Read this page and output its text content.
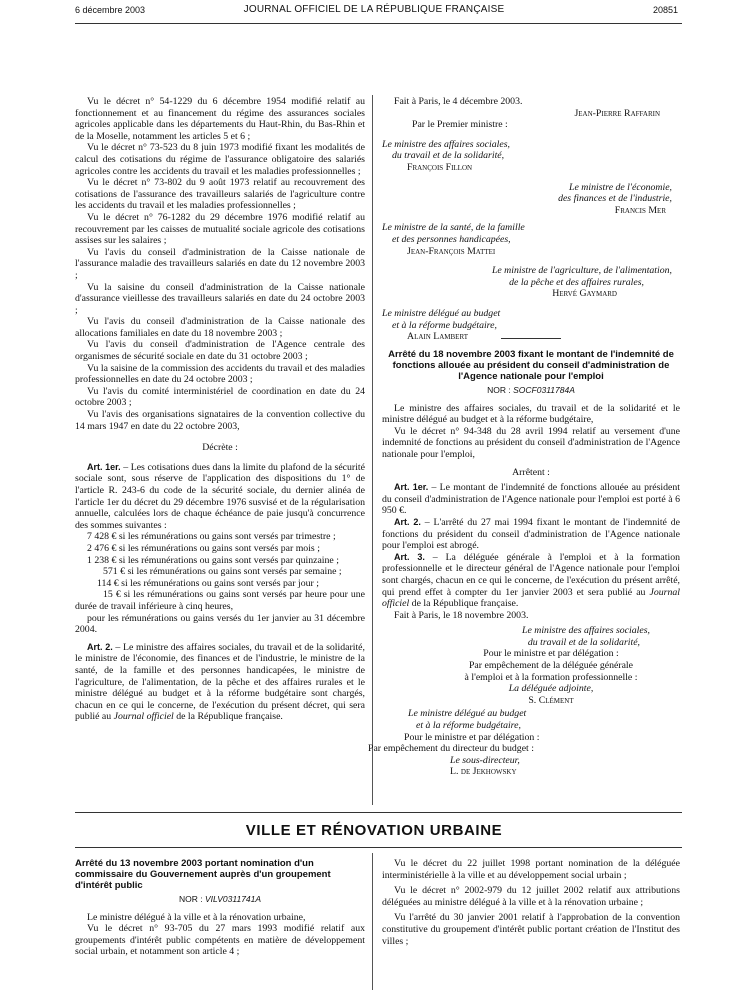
6 décembre 2003	JOURNAL OFFICIEL DE LA RÉPUBLIQUE FRANÇAISE	20851

Vu le décret n° 54-1229 du 6 décembre 1954 modifié relatif au fonctionnement et au financement du régime des assurances sociales agricoles applicable dans les départements du Haut-Rhin, du Bas-Rhin et de la Moselle, notamment les articles 5 et 6 ;

Vu le décret n° 73-523 du 8 juin 1973 modifié fixant les modalités de calcul des cotisations du régime de l'assurance obligatoire des salariés agricoles contre les accidents du travail et les maladies professionnelles ;

Vu le décret n° 73-802 du 9 août 1973 relatif au recouvrement des cotisations de l'assurance des travailleurs salariés de l'agriculture contre les accidents du travail et les maladies professionnelles ;

Vu le décret n° 76-1282 du 29 décembre 1976 modifié relatif au recouvrement par les caisses de mutualité sociale agricole des cotisations assises sur les salaires ;

Vu l'avis du conseil d'administration de la Caisse nationale de l'assurance maladie des travailleurs salariés en date du 12 novembre 2003 ;

Vu la saisine du conseil d'administration de la Caisse nationale d'assurance vieillesse des travailleurs salariés en date du 24 octobre 2003 ;

Vu l'avis du conseil d'administration de la Caisse nationale des allocations familiales en date du 18 novembre 2003 ;

Vu l'avis du conseil d'administration de l'Agence centrale des organismes de sécurité sociale en date du 31 octobre 2003 ;

Vu la saisine de la commission des accidents du travail et des maladies professionnelles en date du 24 octobre 2003 ;

Vu l'avis du comité interministériel de coordination en date du 24 octobre 2003 ;

Vu l'avis des organisations signataires de la convention collective du 14 mars 1947 en date du 22 octobre 2003,

Décrète :

Art. 1er. – Les cotisations dues dans la limite du plafond de la sécurité sociale sont, sous réserve de l'application des dispositions du 1° de l'article R. 243-6 du code de la sécurité sociale, du dernier alinéa de l'article 1er du décret du 29 décembre 1976 susvisé et de la régularisation annuelle, calculées lors de chaque échéance de paie jusqu'à concurrence des sommes suivantes :

7 428 € si les rémunérations ou gains sont versés par trimestre ;

2 476 € si les rémunérations ou gains sont versés par mois ;

1 238 € si les rémunérations ou gains sont versés par quinzaine ;

571 € si les rémunérations ou gains sont versés par semaine ;

114 € si les rémunérations ou gains sont versés par jour ;

15 € si les rémunérations ou gains sont versés par heure pour une durée de travail inférieure à cinq heures,

pour les rémunérations ou gains versés du 1er janvier au 31 décembre 2004.

Art. 2. – Le ministre des affaires sociales, du travail et de la solidarité, le ministre de l'économie, des finances et de l'industrie, le ministre de la santé, de la famille et des personnes handicapées, le ministre de l'agriculture, de l'alimentation, de la pêche et des affaires rurales et le ministre délégué au budget et à la réforme budgétaire sont chargés, chacun en ce qui le concerne, de l'exécution du présent décret, qui sera publié au Journal officiel de la République française.

Fait à Paris, le 4 décembre 2003.

Jean-Pierre Raffarin

Par le Premier ministre :

Le ministre des affaires sociales,
du travail et de la solidarité,
François Fillon
Le ministre de l'économie,
des finances et de l'industrie,
Francis Mer
Le ministre de la santé, de la famille
et des personnes handicapées,
Jean-François Mattei
Le ministre de l'agriculture, de l'alimentation,
de la pêche et des affaires rurales,
Hervé Gaymard
Le ministre délégué au budget
et à la réforme budgétaire,
Alain Lambert
Arrêté du 18 novembre 2003 fixant le montant de l'indemnité de fonctions allouée au président du conseil d'administration de l'Agence nationale pour l'emploi
NOR : SOCF0311784A

Le ministre des affaires sociales, du travail et de la solidarité et le ministre délégué au budget et à la réforme budgétaire,

Vu le décret n° 94-348 du 28 avril 1994 relatif au versement d'une indemnité de fonctions au président du conseil d'administration de l'Agence nationale pour l'emploi,

Arrêtent :

Art. 1er. – Le montant de l'indemnité de fonctions allouée au président du conseil d'administration de l'Agence nationale pour l'emploi est porté à 6 950 €.

Art. 2. – L'arrêté du 27 mai 1994 fixant le montant de l'indemnité de fonctions du président du conseil d'administration de l'Agence nationale pour l'emploi est abrogé.

Art. 3. – La déléguée générale à l'emploi et à la formation professionnelle et le directeur général de l'Agence nationale pour l'emploi sont chargés, chacun en ce qui le concerne, de l'exécution du présent arrêté, qui prend effet à compter du 1er janvier 2003 et sera publié au Journal officiel de la République française.

Fait à Paris, le 18 novembre 2003.

Le ministre des affaires sociales,
du travail et de la solidarité,
Pour le ministre et par délégation :
Par empêchement de la déléguée générale
à l'emploi et à la formation professionnelle :
La déléguée adjointe,
S. Clément
Le ministre délégué au budget
et à la réforme budgétaire,
Pour le ministre et par délégation :
Par empêchement du directeur du budget :
Le sous-directeur,
L. de Jekhowsky
VILLE ET RÉNOVATION URBAINE
Arrêté du 13 novembre 2003 portant nomination d'un commissaire du Gouvernement auprès d'un groupement d'intérêt public
NOR : VILV0311741A

Le ministre délégué à la ville et à la rénovation urbaine,

Vu le décret n° 93-705 du 27 mars 1993 modifié relatif aux groupements d'intérêt public compétents en matière de développement social urbain, et notamment son article 4 ;

Vu le décret du 22 juillet 1998 portant nomination de la déléguée interministérielle à la ville et au développement social urbain ;

Vu le décret n° 2002-979 du 12 juillet 2002 relatif aux attributions déléguées au ministre délégué à la ville et à la rénovation urbaine ;

Vu l'arrêté du 30 janvier 2001 relatif à l'approbation de la convention constitutive du groupement d'intérêt public portant création de l'Institut des villes ;
